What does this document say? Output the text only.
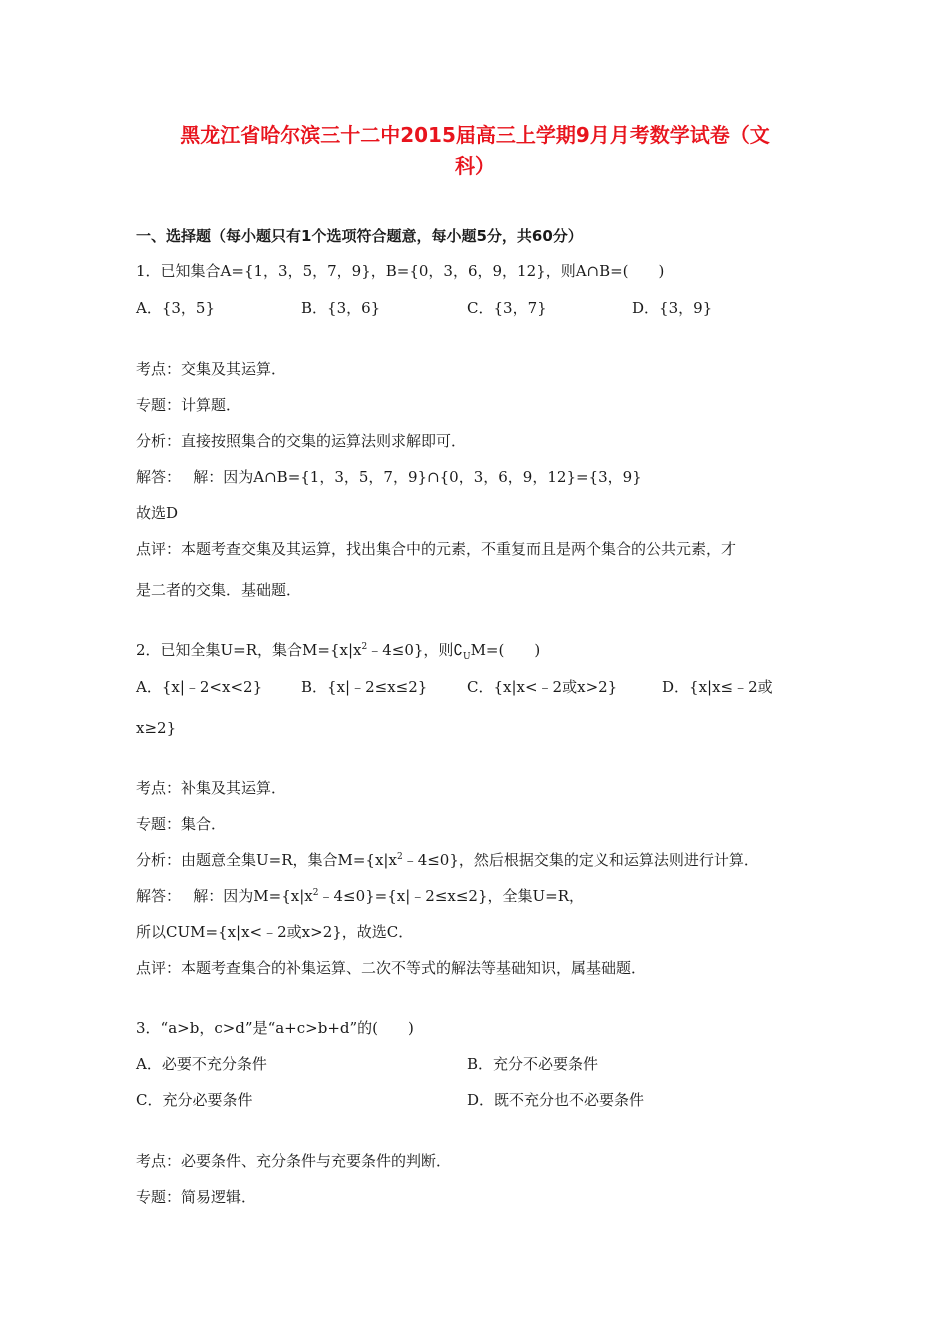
黑龙江省哈尔滨三十二中2015届高三上学期9月月考数学试卷（文
科）
一、选择题（每小题只有1个选项符合题意，每小题5分，共60分）
1．已知集合A={1，3，5，7，9}，B={0，3，6，9，12}，则A∩B=(　　)
A．{3，5}	B．{3，6}	C．{3，7}	D．{3，9}
考点：交集及其运算．
专题：计算题．
分析：直接按照集合的交集的运算法则求解即可．
解答：　 解：因为A∩B={1，3，5，7，9}∩{0，3，6，9，12}={3，9}
故选D
点评：本题考查交集及其运算，找出集合中的元素，不重复而且是两个集合的公共元素，才
是二者的交集．基础题．
2．已知全集U=R，集合$M=\{x|x^2﹣4\le 0\}$，则$∁_UM=$(　　)
A．{x|﹣2<x<2}	B．{x|﹣2≤x≤2}	C．{x|x<﹣2或x>2}	D．{x|x≤﹣2或
x≥2}
考点：补集及其运算．
专题：集合．
分析：由题意全集U=R，集合$M=\{x|x^2﹣4\le 0\}$，然后根据交集的定义和运算法则进行计算．
解答：　 解：因为$M=\{x|x^2﹣4\le 0\}=\{x|﹣2\le x\le 2\}$，全集U=R，
所以CUM={x|x<﹣2或x>2}，故选C．
点评：本题考查集合的补集运算、二次不等式的解法等基础知识，属基础题．
3．“a>b，c>d”是“a+c>b+d”的(　　)
A．必要不充分条件	B．充分不必要条件
C．充分必要条件	D．既不充分也不必要条件
考点：必要条件、充分条件与充要条件的判断．
专题：简易逻辑．
